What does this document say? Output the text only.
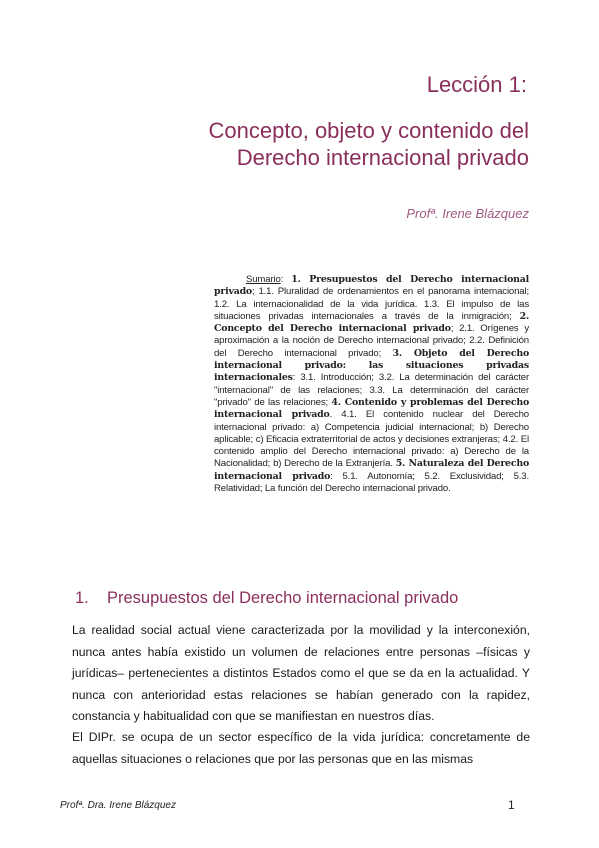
Lección 1:
Concepto, objeto y contenido del Derecho internacional privado
Profª. Irene Blázquez
Sumario: 1. Presupuestos del Derecho internacional privado; 1.1. Pluralidad de ordenamientos en el panorama internacional; 1.2. La internacionalidad de la vida jurídica. 1.3. El impulso de las situaciones privadas internacionales a través de la inmigración; 2. Concepto del Derecho internacional privado; 2.1. Orígenes y aproximación a la noción de Derecho internacional privado; 2.2. Definición del Derecho internacional privado; 3. Objeto del Derecho internacional privado: las situaciones privadas internacionales: 3.1. Introducción; 3.2. La determinación del carácter "internacional" de las relaciones; 3.3. La determinación del carácter "privado" de las relaciones; 4. Contenido y problemas del Derecho internacional privado. 4.1. El contenido nuclear del Derecho internacional privado: a) Competencia judicial internacional; b) Derecho aplicable; c) Eficacia extraterritorial de actos y decisiones extranjeras; 4.2. El contenido amplio del Derecho internacional privado: a) Derecho de la Nacionalidad; b) Derecho de la Extranjería. 5. Naturaleza del Derecho internacional privado: 5.1. Autonomía; 5.2. Exclusividad; 5.3. Relatividad; La función del Derecho internacional privado.
1. Presupuestos del Derecho internacional privado

La realidad social actual viene caracterizada por la movilidad y la interconexión, nunca antes había existido un volumen de relaciones entre personas –físicas y jurídicas– pertenecientes a distintos Estados como el que se da en la actualidad. Y nunca con anterioridad estas relaciones se habían generado con la rapidez, constancia y habitualidad con que se manifiestan en nuestros días.

El DIPr. se ocupa de un sector específico de la vida jurídica: concretamente de aquellas situaciones o relaciones que por las personas que en las mismas

Profª. Dra. Irene Blázquez	1
